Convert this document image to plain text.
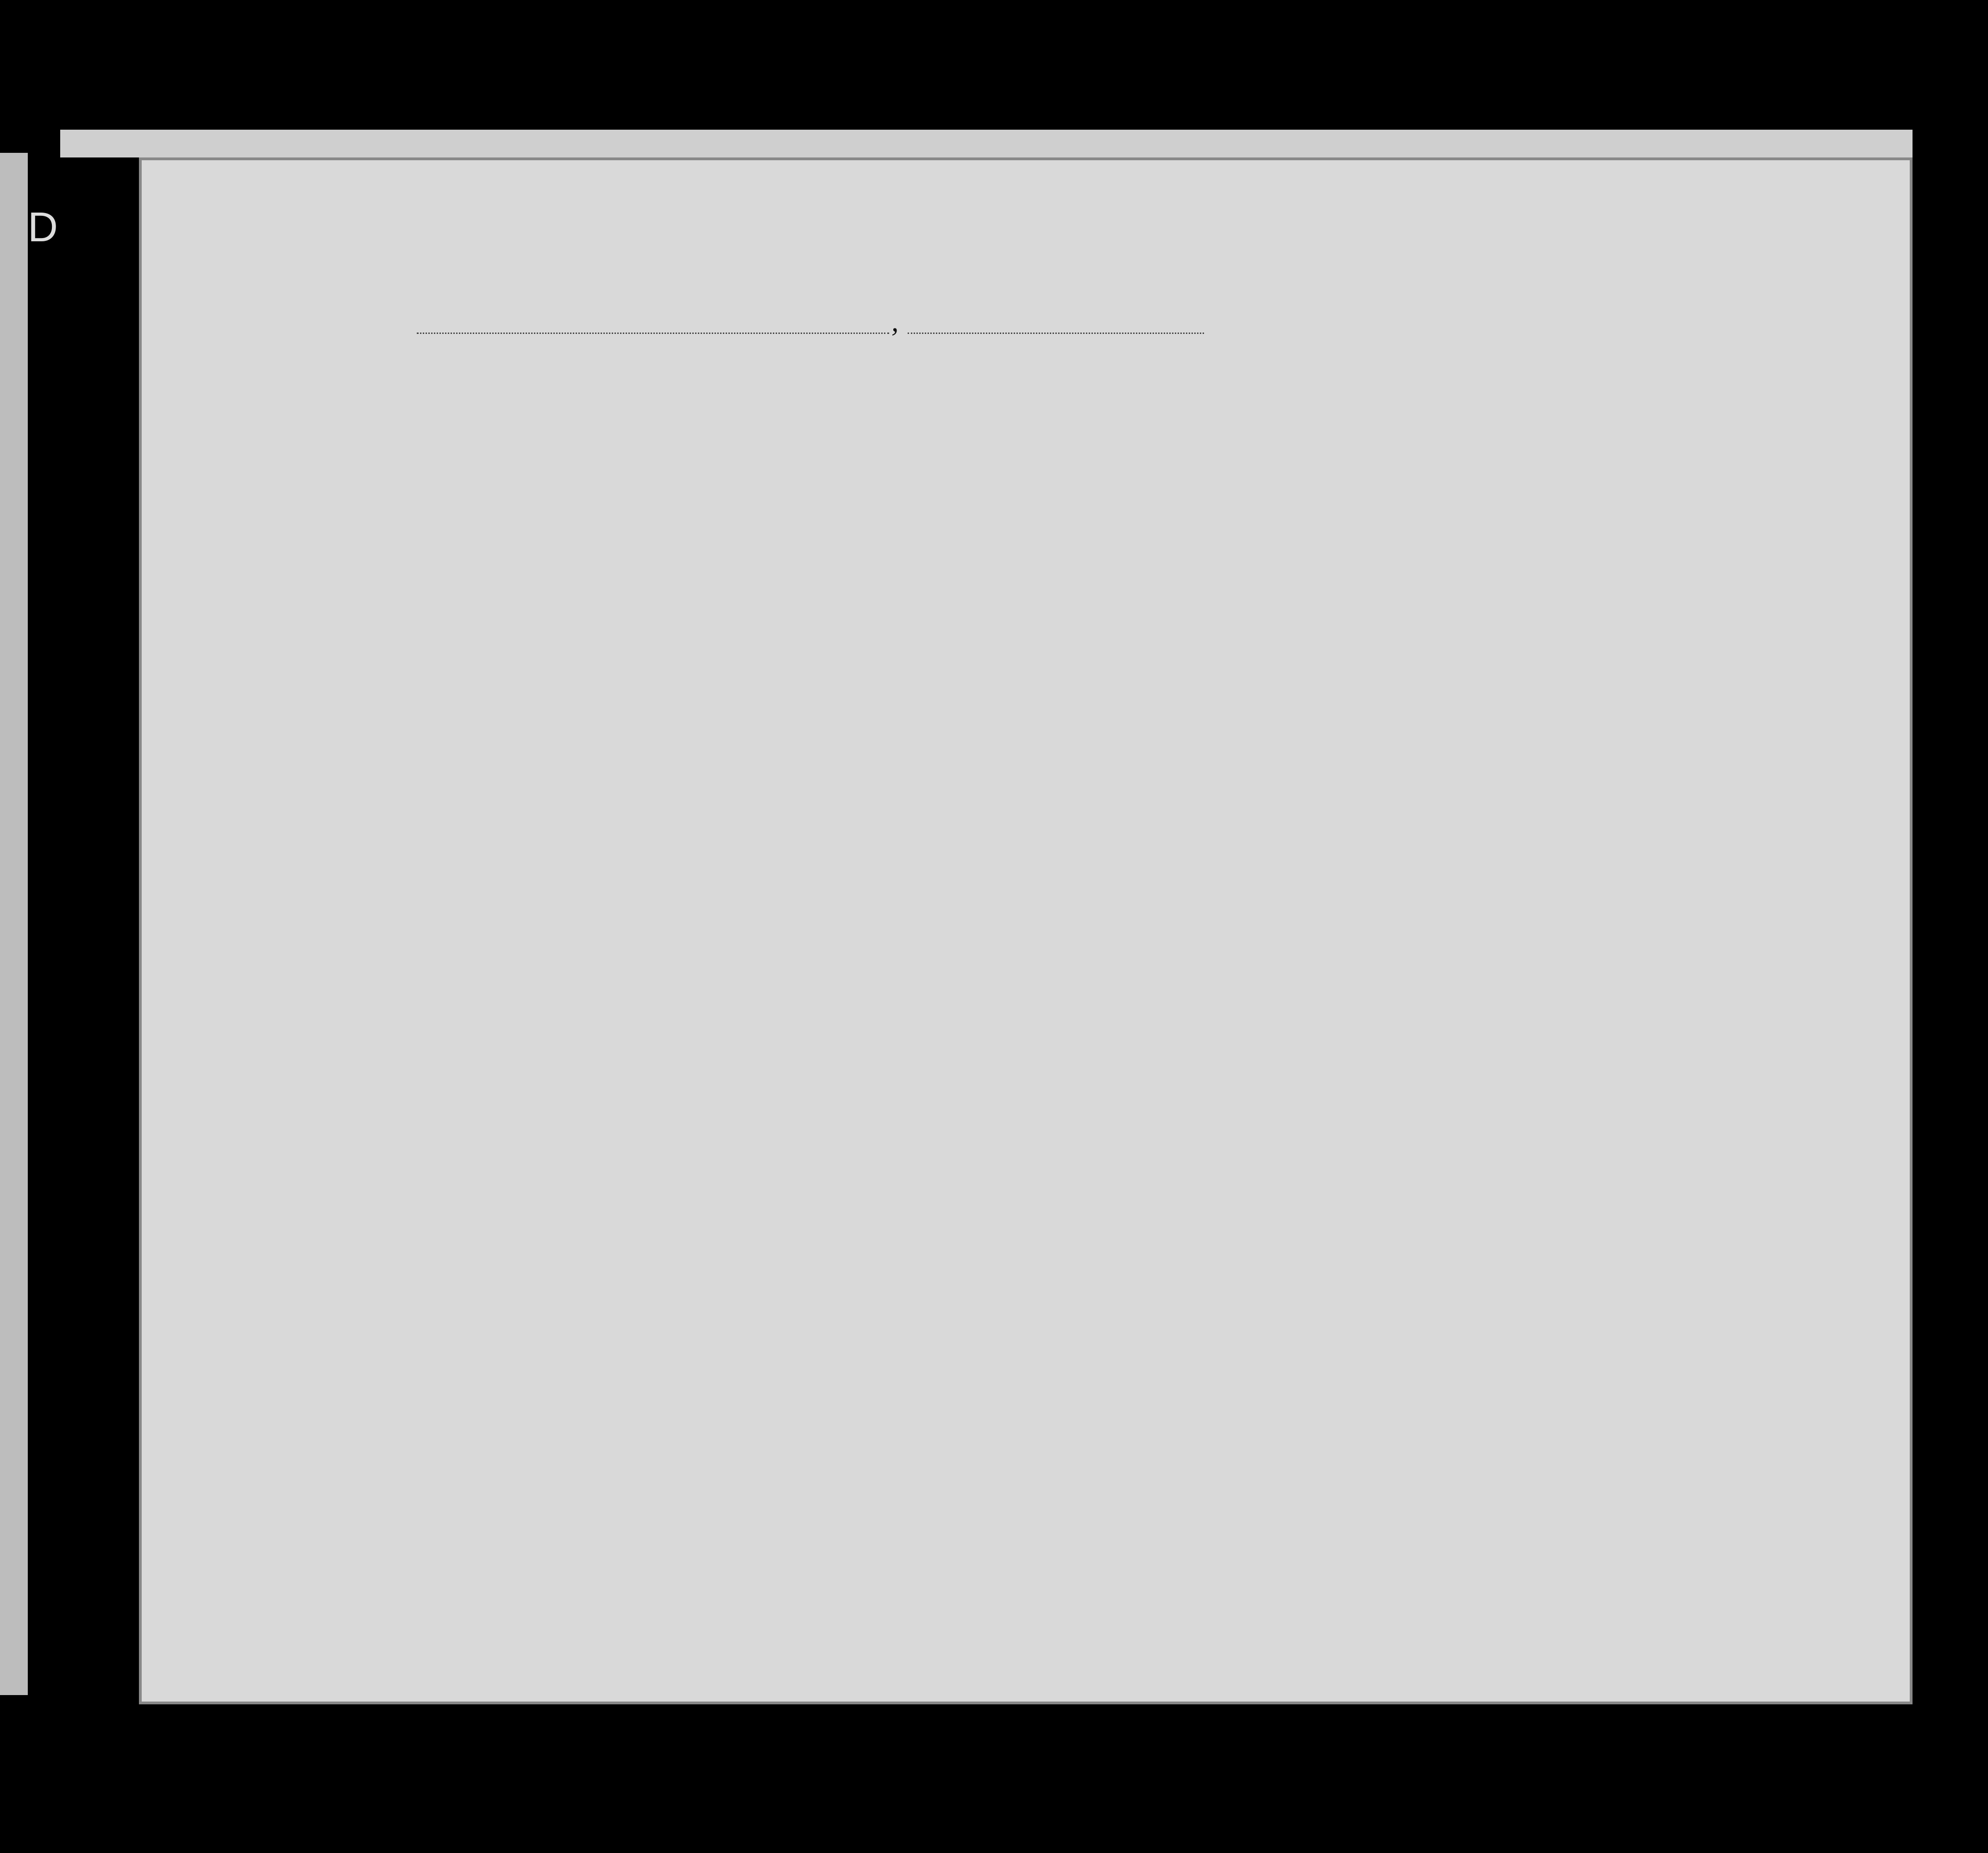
D
,
